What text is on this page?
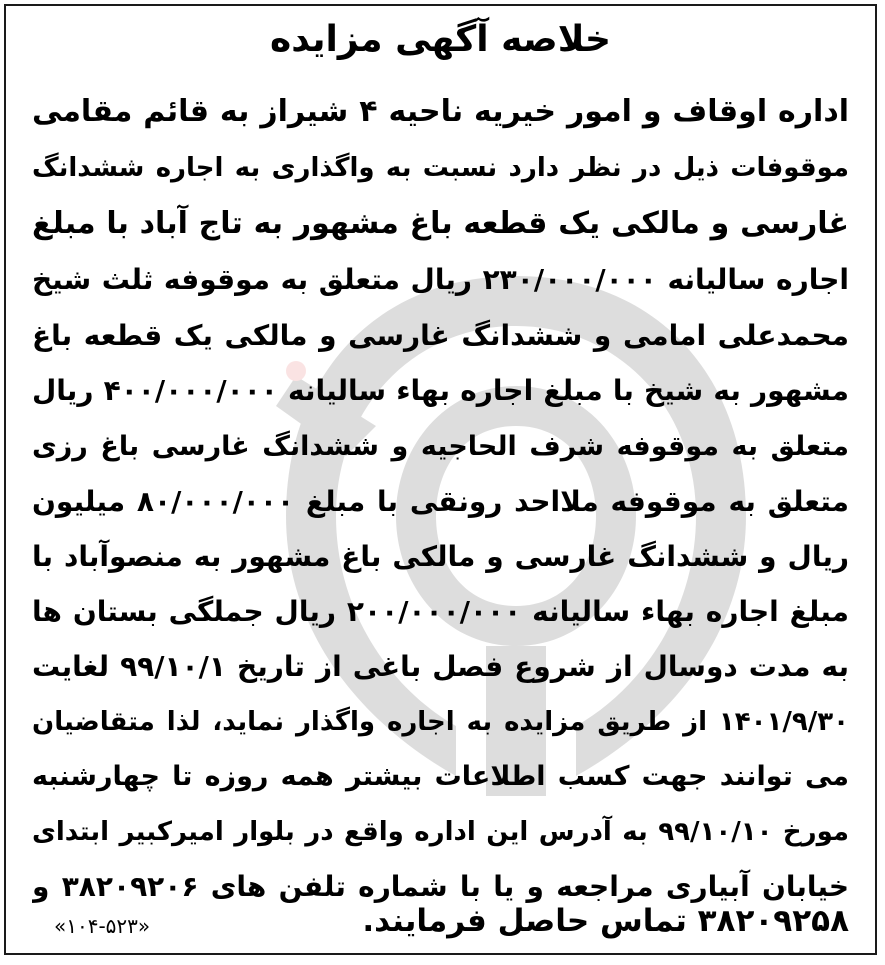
خلاصه آگهی مزایده
اداره اوقاف و امور خیریه ناحیه ۴ شیراز به قائم مقامی
موقوفات ذیل در نظر دارد نسبت به واگذاری به اجاره ششدانگ
غارسی و مالکی یک قطعه باغ مشهور به تاج آباد با مبلغ
اجاره سالیانه ۲۳۰/۰۰۰/۰۰۰ ریال متعلق به موقوفه ثلث شیخ
محمدعلی امامی و ششدانگ غارسی و مالکی یک قطعه باغ
مشهور به شیخ با مبلغ اجاره بهاء سالیانه ۴۰۰/۰۰۰/۰۰۰ ریال
متعلق به موقوفه شرف الحاجیه و ششدانگ غارسی باغ رزی
متعلق به موقوفه ملااحد رونقی با مبلغ ۸۰/۰۰۰/۰۰۰ میلیون
ریال و ششدانگ غارسی و مالکی باغ مشهور به منصوآباد با
مبلغ اجاره بهاء سالیانه ۲۰۰/۰۰۰/۰۰۰ ریال جملگی بستان ها
به مدت دوسال از شروع فصل باغی از تاریخ ۹۹/۱۰/۱ لغایت
۱۴۰۱/۹/۳۰ از طریق مزایده به اجاره واگذار نماید، لذا متقاضیان
می توانند جهت کسب اطلاعات بیشتر همه روزه تا چهارشنبه
مورخ ۹۹/۱۰/۱۰ به آدرس این اداره واقع در بلوار امیرکبیر ابتدای
خیابان آبیاری مراجعه و یا با شماره تلفن های ۳۸۲۰۹۲۰۶ و
۳۸۲۰۹۲۵۸ تماس حاصل فرمایند.
«۱۰۴-۵۲۳»
